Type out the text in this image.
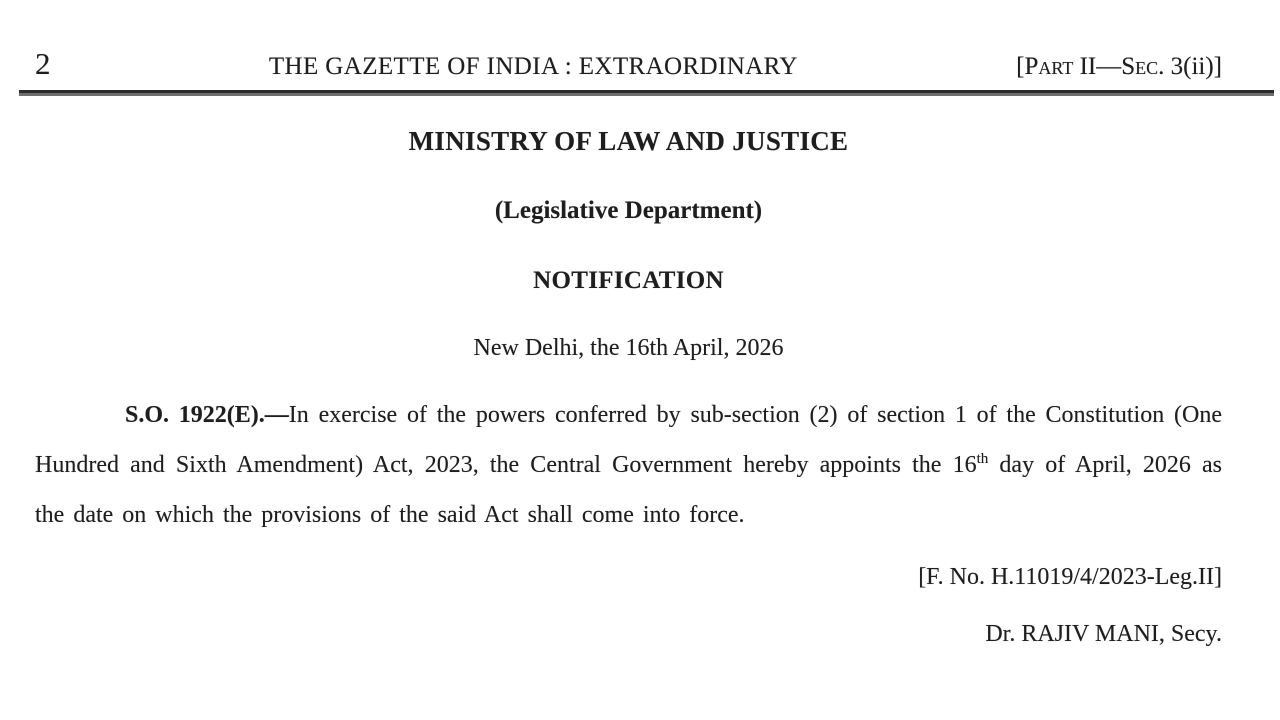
2	THE GAZETTE OF INDIA : EXTRAORDINARY	[Part II—Sec. 3(ii)]
MINISTRY OF LAW AND JUSTICE
(Legislative Department)
NOTIFICATION

New Delhi, the 16th April, 2026

S.O. 1922(E).—In exercise of the powers conferred by sub-section (2) of section 1 of the Constitution (One Hundred and Sixth Amendment) Act, 2023, the Central Government hereby appoints the 16th day of April, 2026 as the date on which the provisions of the said Act shall come into force.

[F. No. H.11019/4/2023-Leg.II]

Dr. RAJIV MANI, Secy.
